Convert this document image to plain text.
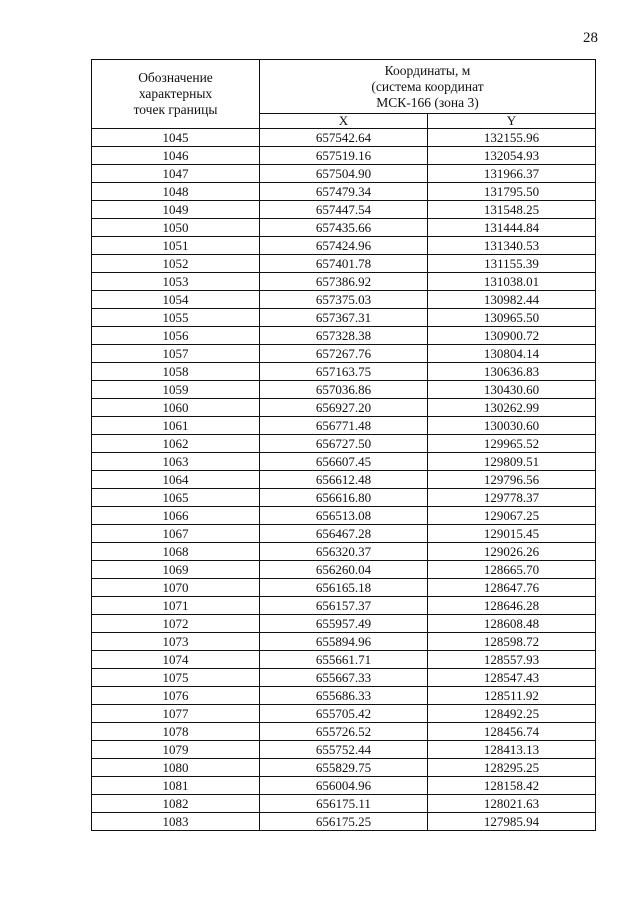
28
Обозначение
характерных
точек границы	Координаты, м
(система координат
МСК-166 (зона 3)	
	X	Y
1045	657542.64	132155.96
1046	657519.16	132054.93
1047	657504.90	131966.37
1048	657479.34	131795.50
1049	657447.54	131548.25
1050	657435.66	131444.84
1051	657424.96	131340.53
1052	657401.78	131155.39
1053	657386.92	131038.01
1054	657375.03	130982.44
1055	657367.31	130965.50
1056	657328.38	130900.72
1057	657267.76	130804.14
1058	657163.75	130636.83
1059	657036.86	130430.60
1060	656927.20	130262.99
1061	656771.48	130030.60
1062	656727.50	129965.52
1063	656607.45	129809.51
1064	656612.48	129796.56
1065	656616.80	129778.37
1066	656513.08	129067.25
1067	656467.28	129015.45
1068	656320.37	129026.26
1069	656260.04	128665.70
1070	656165.18	128647.76
1071	656157.37	128646.28
1072	655957.49	128608.48
1073	655894.96	128598.72
1074	655661.71	128557.93
1075	655667.33	128547.43
1076	655686.33	128511.92
1077	655705.42	128492.25
1078	655726.52	128456.74
1079	655752.44	128413.13
1080	655829.75	128295.25
1081	656004.96	128158.42
1082	656175.11	128021.63
1083	656175.25	127985.94
